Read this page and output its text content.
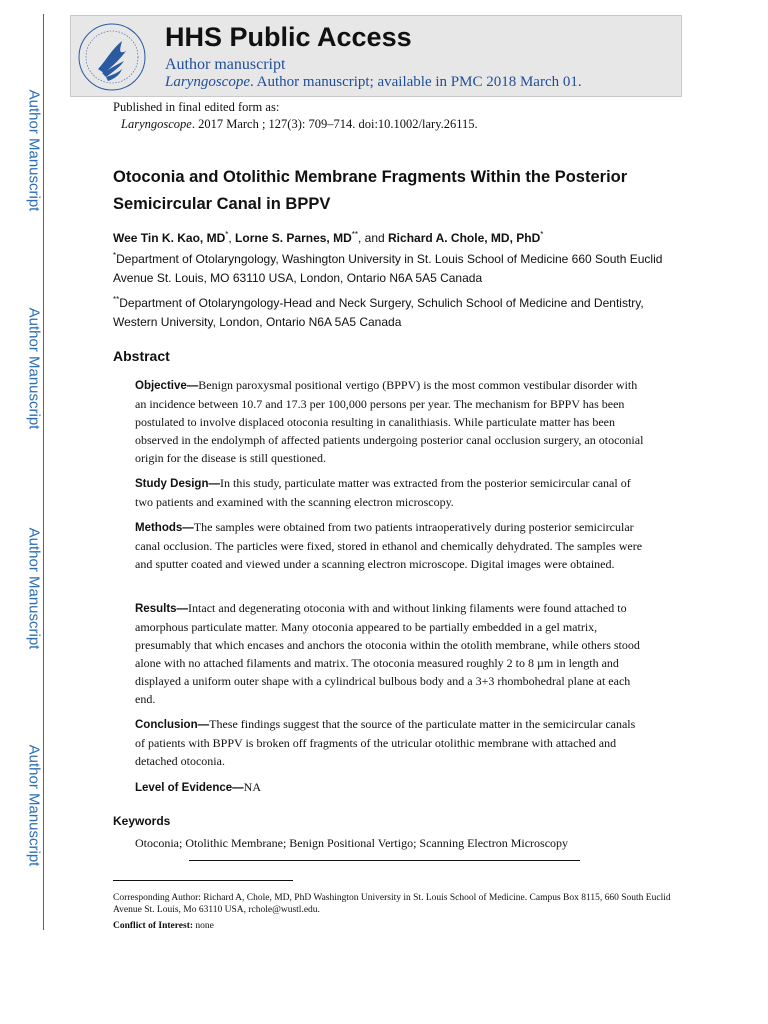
Author Manuscript
Author Manuscript
Author Manuscript
Author Manuscript
HHS Public Access
Author manuscript
Laryngoscope. Author manuscript; available in PMC 2018 March 01.
Published in final edited form as:
Laryngoscope. 2017 March ; 127(3): 709–714. doi:10.1002/lary.26115.
Otoconia and Otolithic Membrane Fragments Within the Posterior Semicircular Canal in BPPV
Wee Tin K. Kao, MD*, Lorne S. Parnes, MD**, and Richard A. Chole, MD, PhD*
*Department of Otolaryngology, Washington University in St. Louis School of Medicine 660 South Euclid Avenue St. Louis, MO 63110 USA, London, Ontario N6A 5A5 Canada
**Department of Otolaryngology-Head and Neck Surgery, Schulich School of Medicine and Dentistry, Western University, London, Ontario N6A 5A5 Canada
Abstract
Objective—Benign paroxysmal positional vertigo (BPPV) is the most common vestibular disorder with an incidence between 10.7 and 17.3 per 100,000 persons per year. The mechanism for BPPV has been postulated to involve displaced otoconia resulting in canalithiasis. While particulate matter has been observed in the endolymph of affected patients undergoing posterior canal occlusion surgery, an otoconial origin for the disease is still questioned.
Study Design—In this study, particulate matter was extracted from the posterior semicircular canal of two patients and examined with the scanning electron microscopy.
Methods—The samples were obtained from two patients intraoperatively during posterior semicircular canal occlusion. The particles were fixed, stored in ethanol and chemically dehydrated. The samples were and sputter coated and viewed under a scanning electron microscope. Digital images were obtained.
Results—Intact and degenerating otoconia with and without linking filaments were found attached to amorphous particulate matter. Many otoconia appeared to be partially embedded in a gel matrix, presumably that which encases and anchors the otoconia within the otolith membrane, while others stood alone with no attached filaments and matrix. The otoconia measured roughly 2 to 8 µm in length and displayed a uniform outer shape with a cylindrical bulbous body and a 3+3 rhombohedral plane at each end.
Conclusion—These findings suggest that the source of the particulate matter in the semicircular canals of patients with BPPV is broken off fragments of the utricular otolithic membrane with attached and detached otoconia.
Level of Evidence—NA
Keywords
Otoconia; Otolithic Membrane; Benign Positional Vertigo; Scanning Electron Microscopy
Corresponding Author: Richard A, Chole, MD, PhD Washington University in St. Louis School of Medicine. Campus Box 8115, 660 South Euclid Avenue St. Louis, Mo 63110 USA, rchole@wustl.edu.
Conflict of Interest: none
